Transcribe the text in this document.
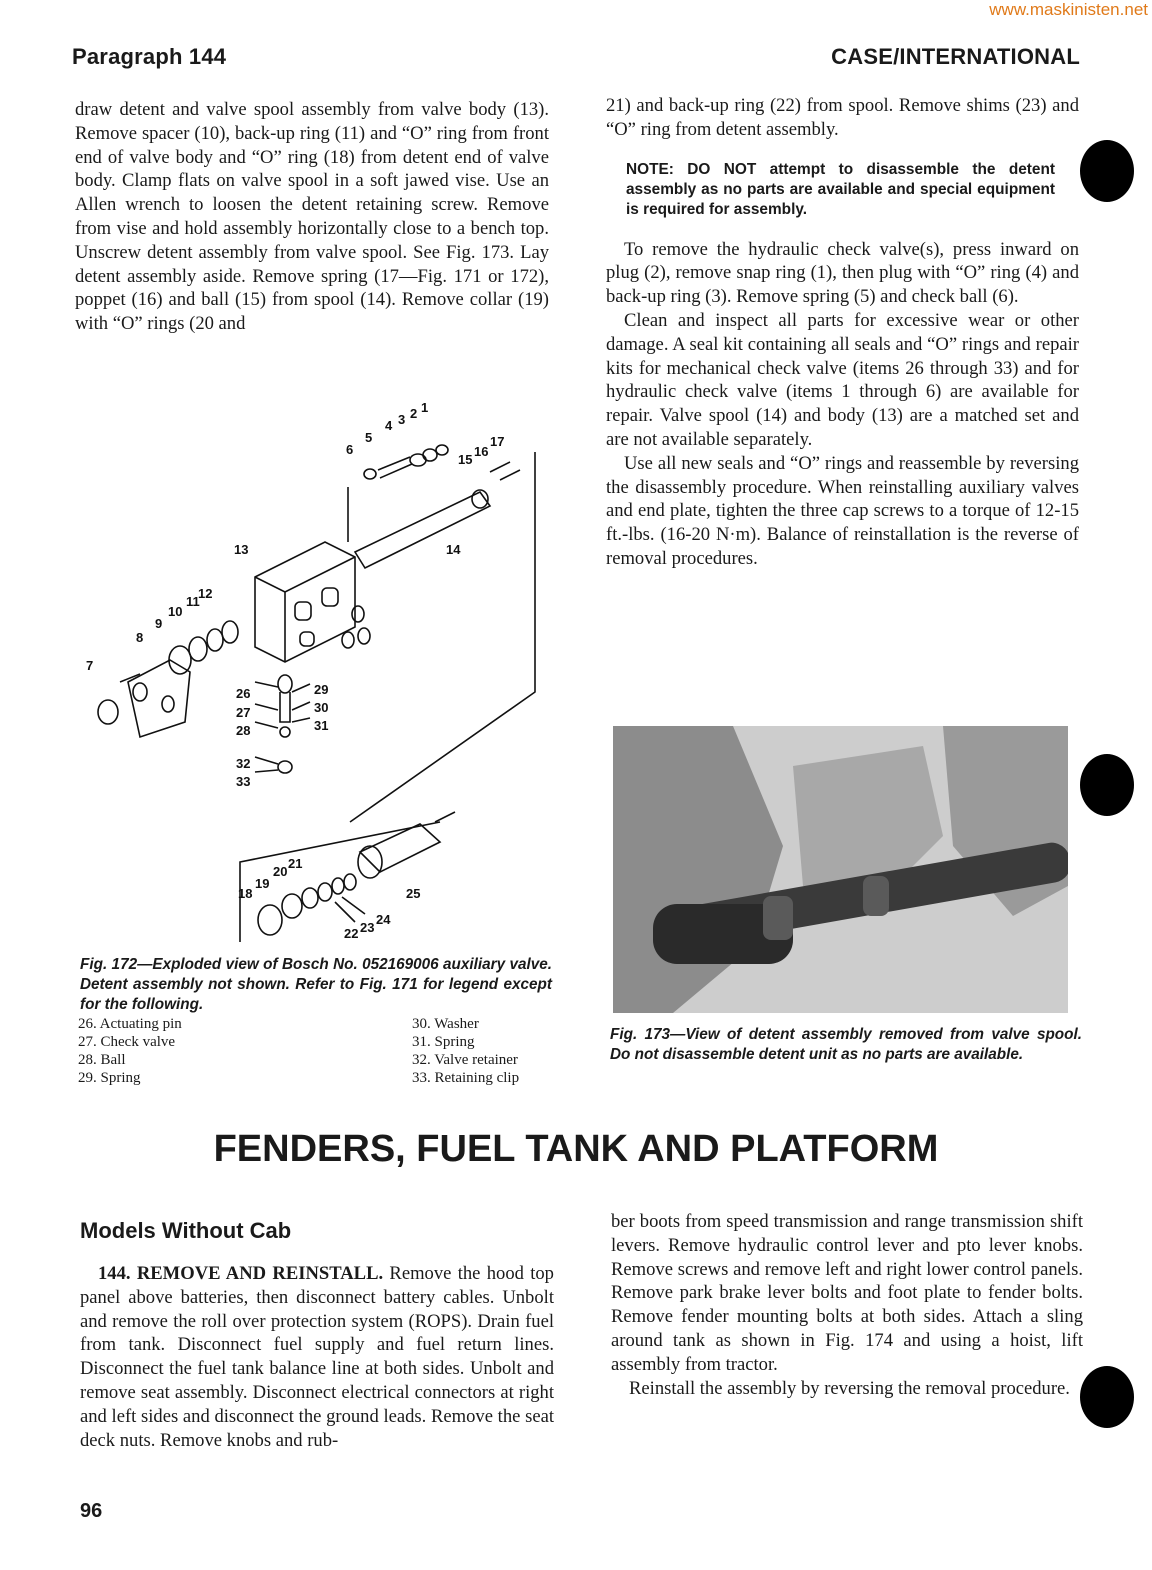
www.maskinisten.net
Paragraph 144	CASE/INTERNATIONAL

draw detent and valve spool assembly from valve body (13). Remove spacer (10), back-up ring (11) and “O” ring from front end of valve body and “O” ring (18) from detent end of valve body. Clamp flats on valve spool in a soft jawed vise. Use an Allen wrench to loosen the detent retaining screw. Remove from vise and hold assembly horizontally close to a bench top. Unscrew detent assembly from valve spool. See Fig. 173. Lay detent assembly aside. Remove spring (17—Fig. 171 or 172), poppet (16) and ball (15) from spool (14). Remove collar (19) with “O” rings (20 and

21) and back-up ring (22) from spool. Remove shims (23) and “O” ring from detent assembly.

NOTE: DO NOT attempt to disassemble the detent assembly as no parts are available and special equipment is required for assembly.

To remove the hydraulic check valve(s), press inward on plug (2), remove snap ring (1), then plug with “O” ring (4) and back-up ring (3). Remove spring (5) and check ball (6).

Clean and inspect all parts for excessive wear or other damage. A seal kit containing all seals and “O” rings and repair kits for mechanical check valve (items 26 through 33) and for hydraulic check valve (items 1 through 6) are available for repair. Valve spool (14) and body (13) are a matched set and are not available separately.

Use all new seals and “O” rings and reassemble by reversing the disassembly procedure. When reinstalling auxiliary valves and end plate, tighten the three cap screws to a torque of 12-15 ft.-lbs. (16-20 N·m). Balance of reinstallation is the reverse of removal procedures.

1
2
3
4
5
6
7
8
9
10
11
12
13	14
15
16
17
18
19
20
21
22 23
24
25
26
27
28
29
30
31
32
33
Fig. 172—Exploded view of Bosch No. 052169006 auxiliary valve. Detent assembly not shown. Refer to Fig. 171 for legend except for the following.
26. Actuating pin	30. Washer
27. Check valve	31. Spring
28. Ball	32. Valve retainer
29. Spring	33. Retaining clip
Fig. 173—View of detent assembly removed from valve spool. Do not disassemble detent unit as no parts are available.
FENDERS, FUEL TANK AND PLATFORM
Models Without Cab

144. REMOVE AND REINSTALL. Remove the hood top panel above batteries, then disconnect battery cables. Unbolt and remove the roll over protection system (ROPS). Drain fuel from tank. Disconnect fuel supply and fuel return lines. Disconnect the fuel tank balance line at both sides. Unbolt and remove seat assembly. Disconnect electrical connectors at right and left sides and disconnect the ground leads. Remove the seat deck nuts. Remove knobs and rub-

ber boots from speed transmission and range transmission shift levers. Remove hydraulic control lever and pto lever knobs. Remove screws and remove left and right lower control panels. Remove park brake lever bolts and foot plate to fender bolts. Remove fender mounting bolts at both sides. Attach a sling around tank as shown in Fig. 174 and using a hoist, lift assembly from tractor.

Reinstall the assembly by reversing the removal procedure.

96
